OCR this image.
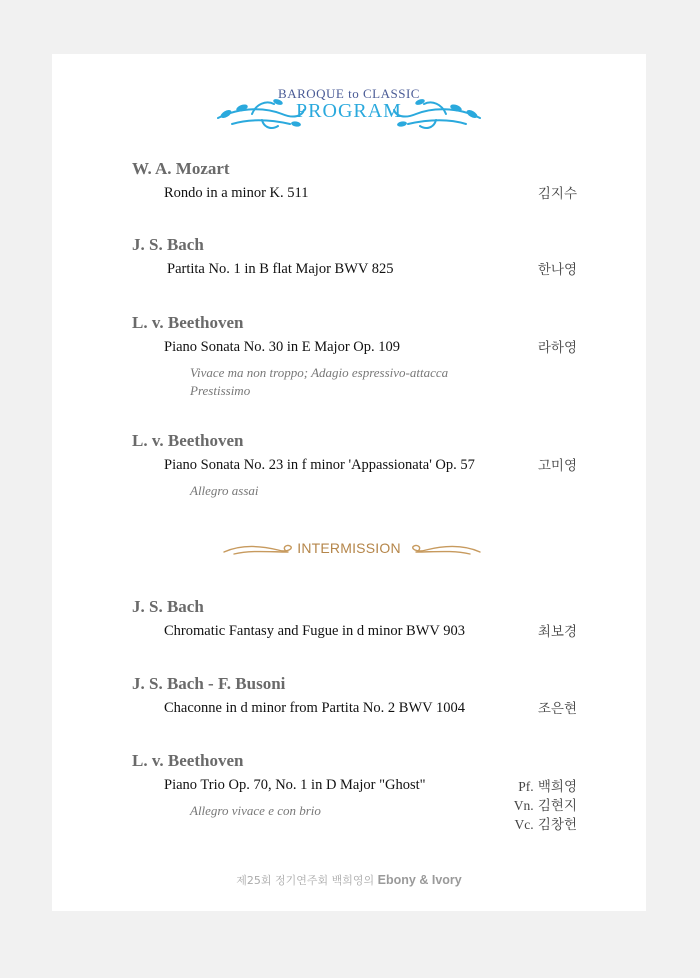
BAROQUE to CLASSIC
PROGRAM
W. A. Mozart
Rondo in a minor K. 511	김지수
J. S. Bach
Partita No. 1 in B flat Major BWV 825	한나영
L. v. Beethoven
Piano Sonata No. 30 in E Major Op. 109	라하영
Vivace ma non troppo; Adagio espressivo-attacca
Prestissimo
L. v. Beethoven
Piano Sonata No. 23 in f minor 'Appassionata' Op. 57	고미영
Allegro assai
INTERMISSION
J. S. Bach
Chromatic Fantasy and Fugue in d minor BWV 903	최보경
J. S. Bach - F. Busoni
Chaconne in d minor from Partita No. 2 BWV 1004	조은현
L. v. Beethoven
Piano Trio Op. 70, No. 1 in D Major "Ghost"	Pf. 백희영
Vn. 김현지
Vc. 김창헌
Allegro vivace e con brio
제25회 정기연주회 백희영의 Ebony & Ivory
